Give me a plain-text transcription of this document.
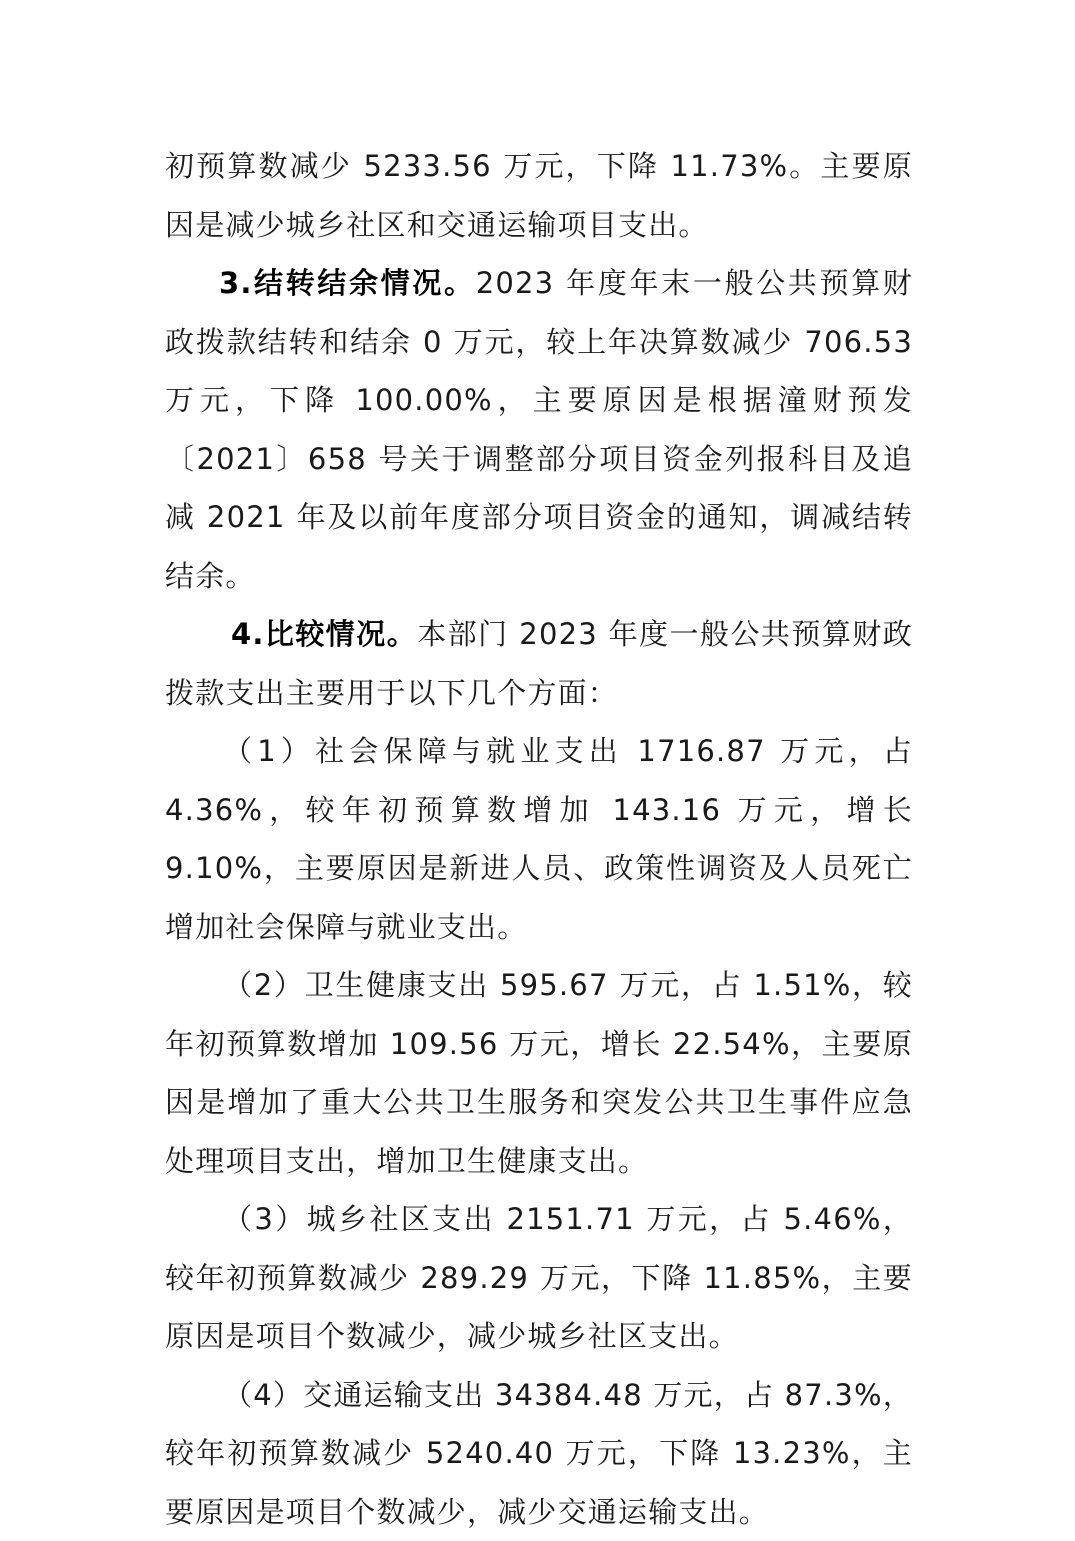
初预算数减少 5233.56 万元，下降 11.73%。主要原因是减少城乡社区和交通运输项目支出。

3.结转结余情况。2023 年度年末一般公共预算财政拨款结转和结余 0 万元，较上年决算数减少 706.53 万元，下降 100.00%，主要原因是根据潼财预发〔2021〕658 号关于调整部分项目资金列报科目及追减 2021 年及以前年度部分项目资金的通知，调减结转结余。

4.比较情况。本部门 2023 年度一般公共预算财政拨款支出主要用于以下几个方面：

（1）社会保障与就业支出 1716.87 万元，占 4.36%，较年初预算数增加 143.16 万元，增长 9.10%，主要原因是新进人员、政策性调资及人员死亡增加社会保障与就业支出。

（2）卫生健康支出 595.67 万元，占 1.51%，较年初预算数增加 109.56 万元，增长 22.54%，主要原因是增加了重大公共卫生服务和突发公共卫生事件应急处理项目支出，增加卫生健康支出。

（3）城乡社区支出 2151.71 万元，占 5.46%，较年初预算数减少 289.29 万元，下降 11.85%，主要原因是项目个数减少，减少城乡社区支出。

（4）交通运输支出 34384.48 万元，占 87.3%，较年初预算数减少 5240.40 万元，下降 13.23%，主要原因是项目个数减少，减少交通运输支出。
